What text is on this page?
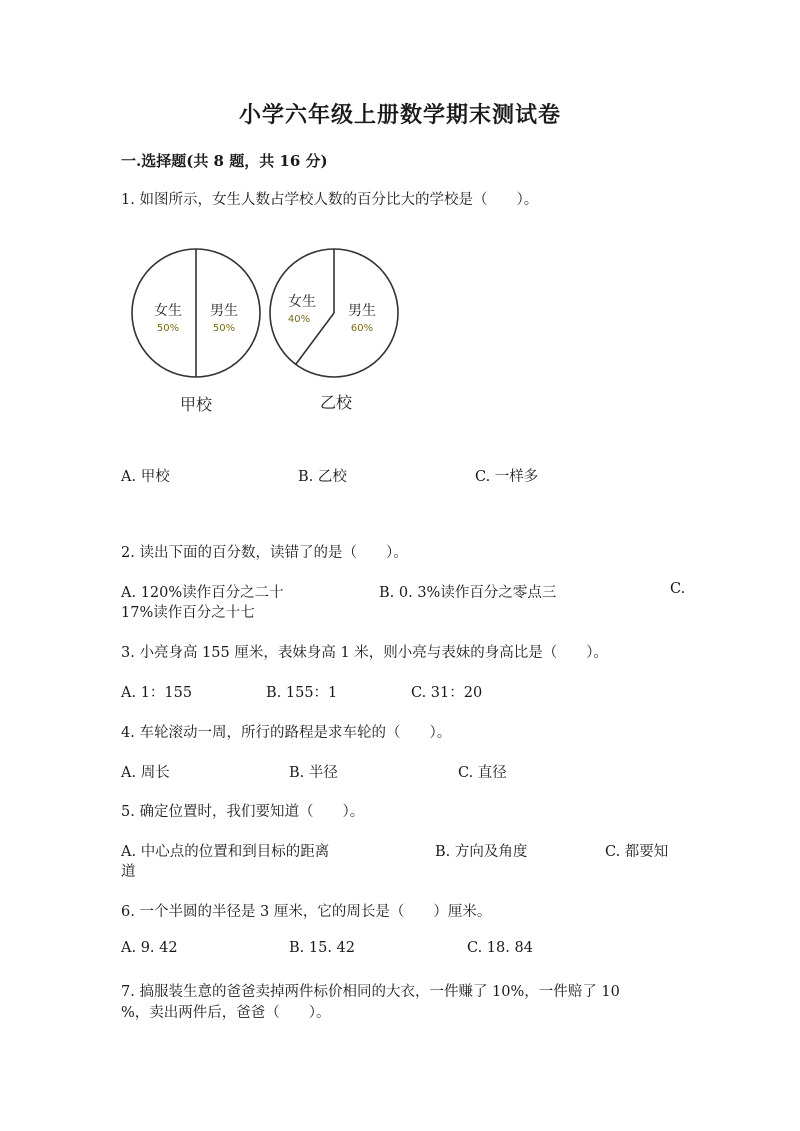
小学六年级上册数学期末测试卷
一.选择题(共 8 题，共 16 分)
1. 如图所示，女生人数占学校人数的百分比大的学校是（　　）。
女生
50%
男生
50%
甲校
女生
40%
男生
60%
乙校
A. 甲校	B. 乙校	C. 一样多
2. 读出下面的百分数，读错了的是（　　）。
A. 120%读作百分之二十	B. 0. 3%读作百分之零点三	C.
17%读作百分之十七
3. 小亮身高 155 厘米，表妹身高 1 米，则小亮与表妹的身高比是（　　）。
A. 1：155	B. 155：1	C. 31：20
4. 车轮滚动一周，所行的路程是求车轮的（　　）。
A. 周长	B. 半径	C. 直径
5. 确定位置时，我们要知道（　　）。
A. 中心点的位置和到目标的距离	B. 方向及角度	C. 都要知
道
6. 一个半圆的半径是 3 厘米，它的周长是（　　）厘米。
A. 9. 42	B. 15. 42	C. 18. 84
7. 搞服装生意的爸爸卖掉两件标价相同的大衣，一件赚了 10%，一件赔了 10
%，卖出两件后，爸爸（　　）。
